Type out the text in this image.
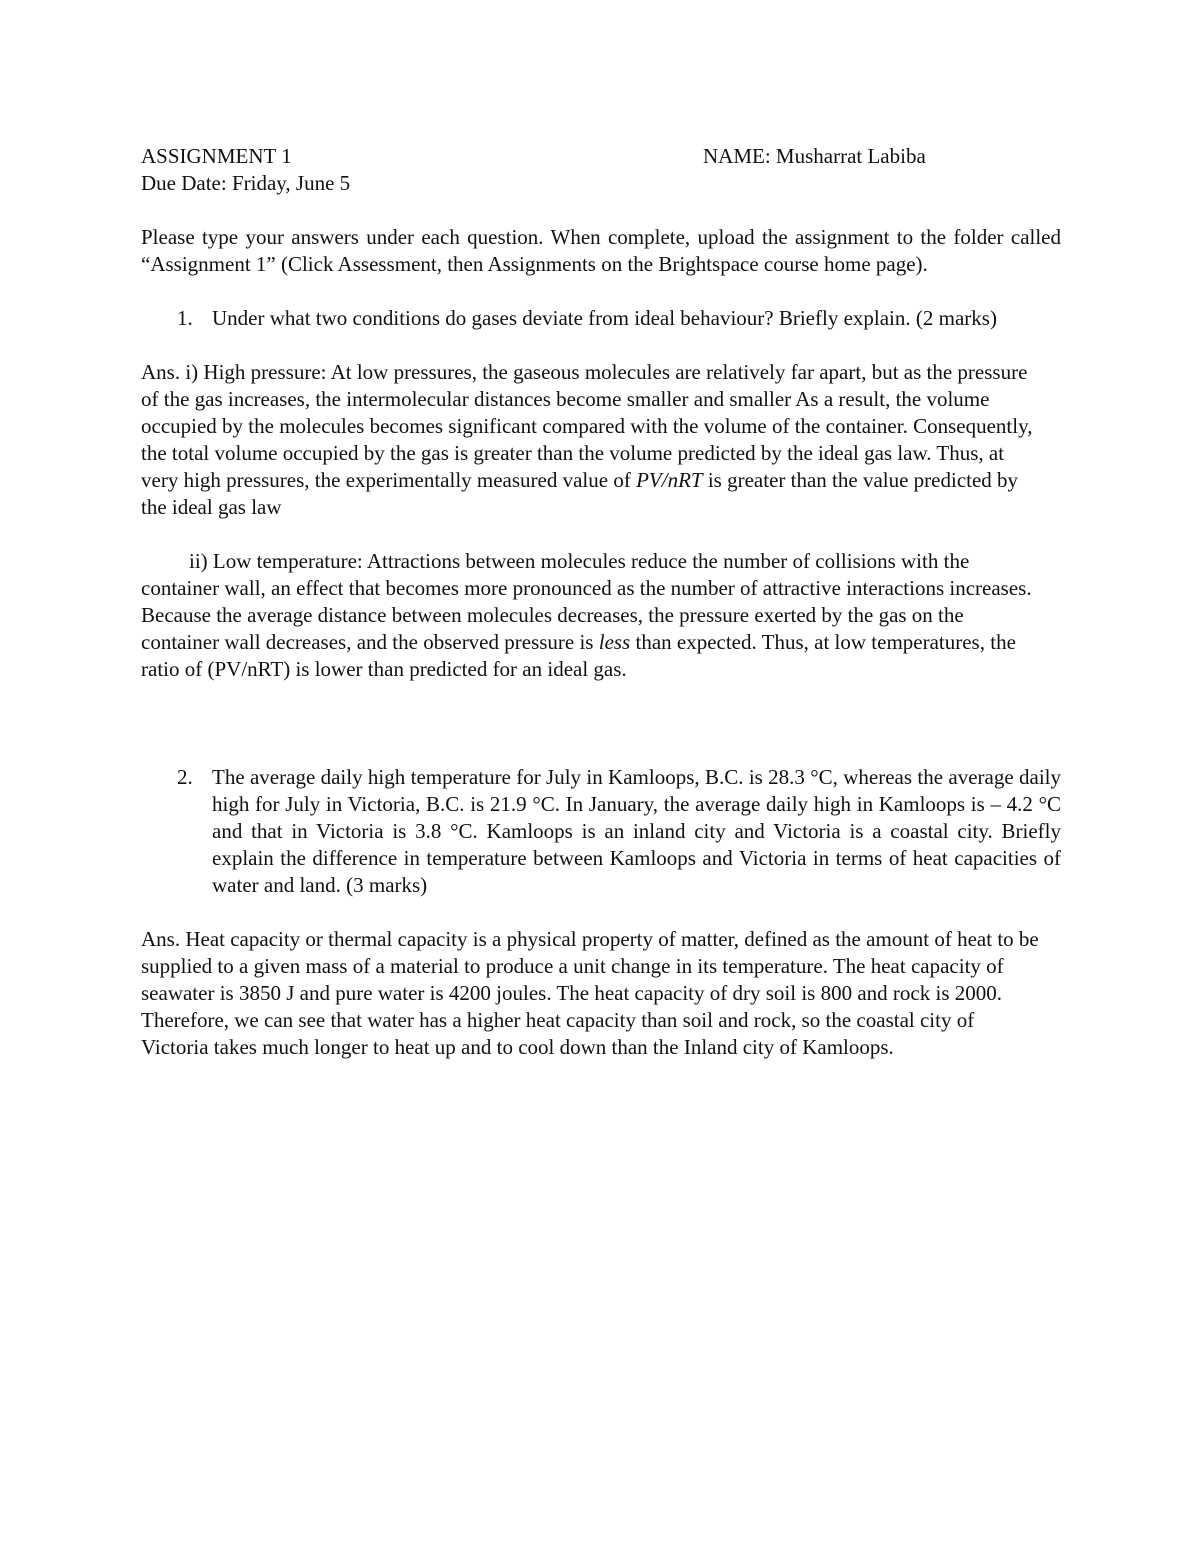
ASSIGNMENT 1	NAME: Musharrat Labiba
Due Date: Friday, June 5
Please type your answers under each question. When complete, upload the assignment to the folder called “Assignment 1” (Click Assessment, then Assignments on the Brightspace course home page).
1. Under what two conditions do gases deviate from ideal behaviour? Briefly explain. (2 marks)
Ans. i) High pressure: At low pressures, the gaseous molecules are relatively far apart, but as the pressure of the gas increases, the intermolecular distances become smaller and smaller As a result, the volume occupied by the molecules becomes significant compared with the volume of the container. Consequently, the total volume occupied by the gas is greater than the volume predicted by the ideal gas law. Thus, at very high pressures, the experimentally measured value of PV/nRT is greater than the value predicted by the ideal gas law
ii) Low temperature: Attractions between molecules reduce the number of collisions with the container wall, an effect that becomes more pronounced as the number of attractive interactions increases. Because the average distance between molecules decreases, the pressure exerted by the gas on the container wall decreases, and the observed pressure is less than expected. Thus, at low temperatures, the ratio of (PV/nRT) is lower than predicted for an ideal gas.
2. The average daily high temperature for July in Kamloops, B.C. is 28.3 °C, whereas the average daily high for July in Victoria, B.C. is 21.9 °C. In January, the average daily high in Kamloops is – 4.2 °C and that in Victoria is 3.8 °C. Kamloops is an inland city and Victoria is a coastal city. Briefly explain the difference in temperature between Kamloops and Victoria in terms of heat capacities of water and land. (3 marks)
Ans. Heat capacity or thermal capacity is a physical property of matter, defined as the amount of heat to be supplied to a given mass of a material to produce a unit change in its temperature. The heat capacity of seawater is 3850 J and pure water is 4200 joules. The heat capacity of dry soil is 800 and rock is 2000. Therefore, we can see that water has a higher heat capacity than soil and rock, so the coastal city of Victoria takes much longer to heat up and to cool down than the Inland city of Kamloops.
